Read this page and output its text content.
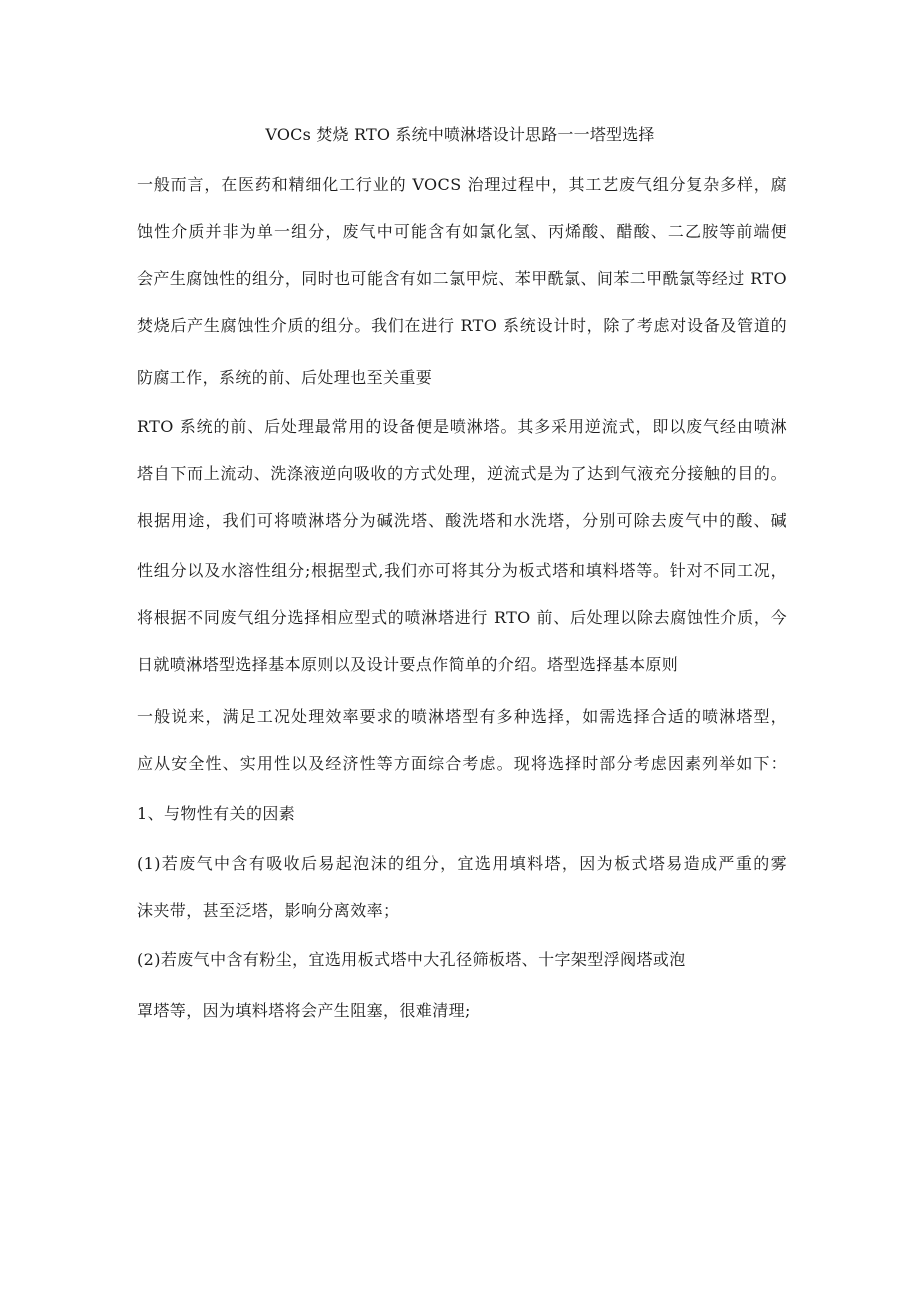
VOCs 焚烧 RTO 系统中喷淋塔设计思路一一塔型选择
一般而言，在医药和精细化工行业的 VOCS 治理过程中，其工艺废气组分复杂多样，腐
蚀性介质并非为单一组分，废气中可能含有如氯化氢、丙烯酸、醋酸、二乙胺等前端便
会产生腐蚀性的组分，同时也可能含有如二氯甲烷、苯甲酰氯、间苯二甲酰氯等经过 RTO
焚烧后产生腐蚀性介质的组分。我们在进行 RTO 系统设计时，除了考虑对设备及管道的
防腐工作，系统的前、后处理也至关重要
RTO 系统的前、后处理最常用的设备便是喷淋塔。其多采用逆流式，即以废气经由喷淋
塔自下而上流动、洗涤液逆向吸收的方式处理，逆流式是为了达到气液充分接触的目的。
根据用途，我们可将喷淋塔分为碱洗塔、酸洗塔和水洗塔，分别可除去废气中的酸、碱
性组分以及水溶性组分;根据型式,我们亦可将其分为板式塔和填料塔等。针对不同工况，
将根据不同废气组分选择相应型式的喷淋塔进行 RTO 前、后处理以除去腐蚀性介质，今
日就喷淋塔型选择基本原则以及设计要点作简单的介绍。塔型选择基本原则
一般说来，满足工况处理效率要求的喷淋塔型有多种选择，如需选择合适的喷淋塔型，
应从安全性、实用性以及经济性等方面综合考虑。现将选择时部分考虑因素列举如下：
1、与物性有关的因素
(1)若废气中含有吸收后易起泡沫的组分，宜选用填料塔，因为板式塔易造成严重的雾
沫夹带，甚至泛塔，影响分离效率；
(2)若废气中含有粉尘，宜选用板式塔中大孔径筛板塔、十字架型浮阀塔或泡
罩塔等，因为填料塔将会产生阻塞，很难清理;
